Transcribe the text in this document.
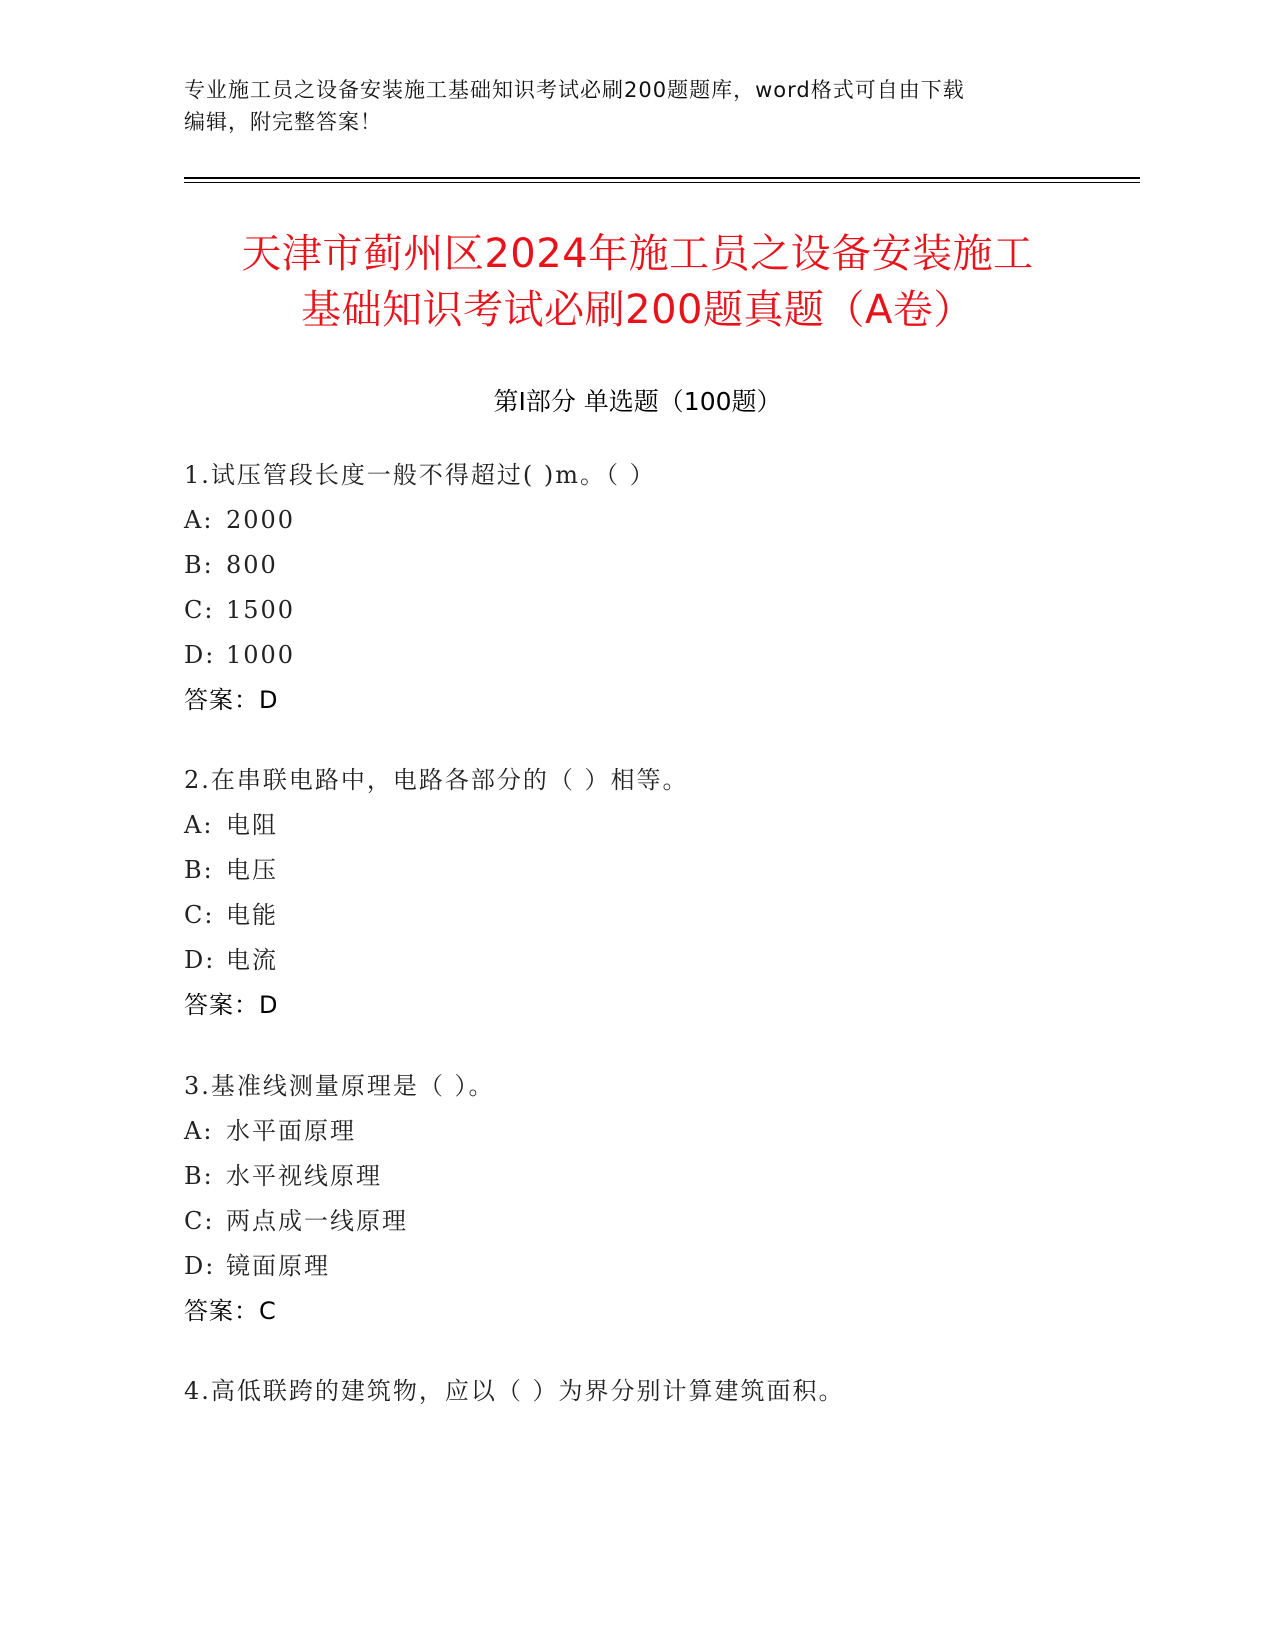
专业施工员之设备安装施工基础知识考试必刷200题题库，word格式可自由下载
编辑，附完整答案！
天津市蓟州区2024年施工员之设备安装施工
基础知识考试必刷200题真题（A卷）
第Ⅰ部分 单选题（100题）
1.试压管段长度一般不得超过( )m。（ ）
A: 2000
B: 800
C: 1500
D: 1000
答案：D
2.在串联电路中，电路各部分的（ ）相等。
A: 电阻
B: 电压
C: 电能
D: 电流
答案：D
3.基准线测量原理是（ ）。
A: 水平面原理
B: 水平视线原理
C: 两点成一线原理
D: 镜面原理
答案：C
4.高低联跨的建筑物，应以（ ）为界分别计算建筑面积。
